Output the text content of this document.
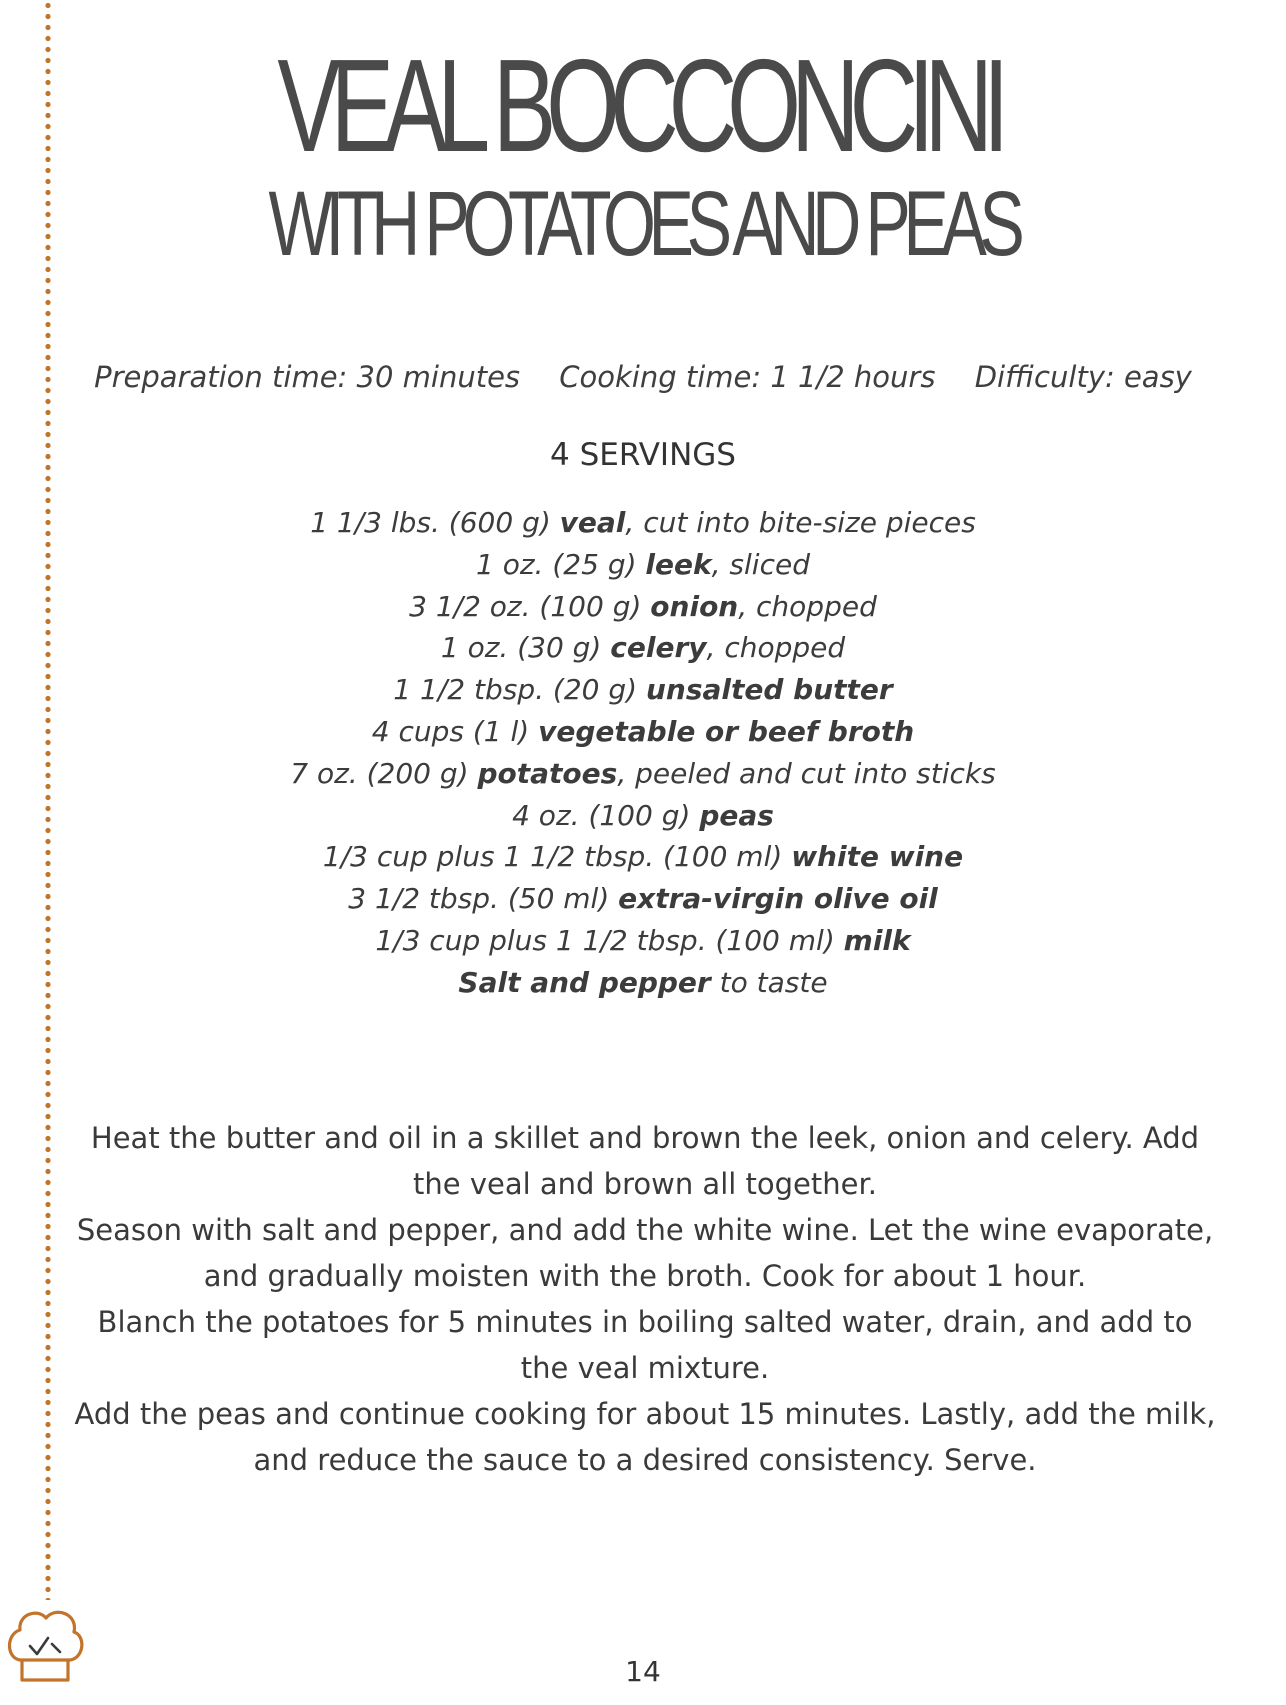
VEAL BOCCONCINI
WITH POTATOES AND PEAS
Preparation time: 30 minutes Cooking time: 1 1/2 hours Difficulty: easy
4 SERVINGS
1 1/3 lbs. (600 g) veal, cut into bite-size pieces
1 oz. (25 g) leek, sliced
3 1/2 oz. (100 g) onion, chopped
1 oz. (30 g) celery, chopped
1 1/2 tbsp. (20 g) unsalted butter
4 cups (1 l) vegetable or beef broth
7 oz. (200 g) potatoes, peeled and cut into sticks
4 oz. (100 g) peas
1/3 cup plus 1 1/2 tbsp. (100 ml) white wine
3 1/2 tbsp. (50 ml) extra-virgin olive oil
1/3 cup plus 1 1/2 tbsp. (100 ml) milk
Salt and pepper to taste

Heat the butter and oil in a skillet and brown the leek, onion and celery. Add the veal and brown all together.

Season with salt and pepper, and add the white wine. Let the wine evaporate, and gradually moisten with the broth. Cook for about 1 hour.

Blanch the potatoes for 5 minutes in boiling salted water, drain, and add to the veal mixture.

Add the peas and continue cooking for about 15 minutes. Lastly, add the milk, and reduce the sauce to a desired consistency. Serve.

14
